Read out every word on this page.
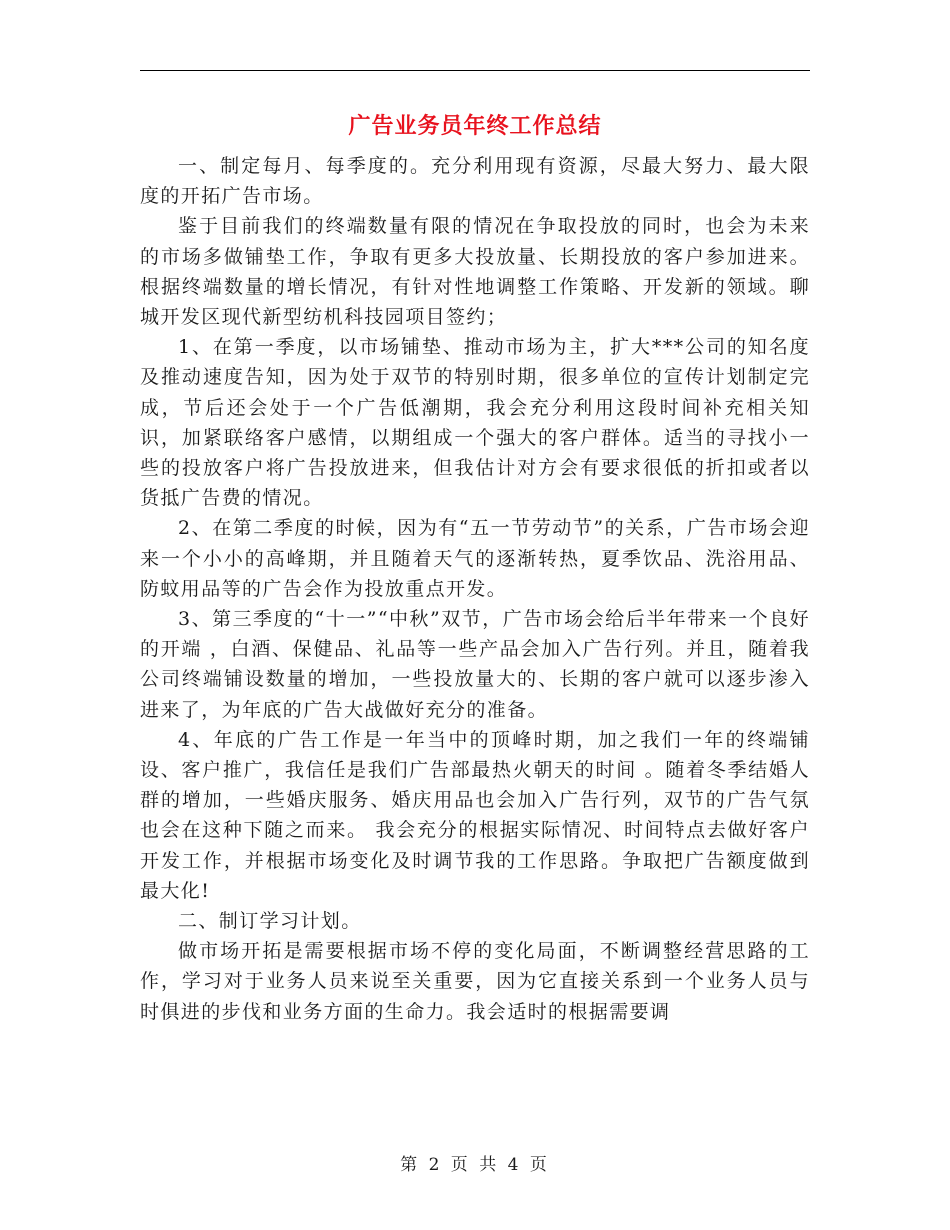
广告业务员年终工作总结

一、制定每月、每季度的。充分利用现有资源，尽最大努力、最大限度的开拓广告市场。

鉴于目前我们的终端数量有限的情况在争取投放的同时，也会为未来的市场多做铺垫工作，争取有更多大投放量、长期投放的客户参加进来。根据终端数量的增长情况，有针对性地调整工作策略、开发新的领域。聊城开发区现代新型纺机科技园项目签约；

1、在第一季度，以市场铺垫、推动市场为主，扩大***公司的知名度及推动速度告知，因为处于双节的特别时期，很多单位的宣传计划制定完成，节后还会处于一个广告低潮期，我会充分利用这段时间补充相关知识，加紧联络客户感情，以期组成一个强大的客户群体。适当的寻找小一些的投放客户将广告投放进来，但我估计对方会有要求很低的折扣或者以货抵广告费的情况。

2、在第二季度的时候，因为有“五一节劳动节”的关系，广告市场会迎来一个小小的高峰期，并且随着天气的逐渐转热，夏季饮品、洗浴用品、防蚊用品等的广告会作为投放重点开发。

3、第三季度的“十一”“中秋”双节，广告市场会给后半年带来一个良好的开端 ，白酒、保健品、礼品等一些产品会加入广告行列。并且，随着我公司终端铺设数量的增加，一些投放量大的、长期的客户就可以逐步渗入进来了，为年底的广告大战做好充分的准备。

4、年底的广告工作是一年当中的顶峰时期，加之我们一年的终端铺设、客户推广，我信任是我们广告部最热火朝天的时间 。随着冬季结婚人群的增加，一些婚庆服务、婚庆用品也会加入广告行列，双节的广告气氛也会在这种下随之而来。 我会充分的根据实际情况、时间特点去做好客户开发工作，并根据市场变化及时调节我的工作思路。争取把广告额度做到最大化!

二、制订学习计划。

做市场开拓是需要根据市场不停的变化局面，不断调整经营思路的工作，学习对于业务人员来说至关重要，因为它直接关系到一个业务人员与时俱进的步伐和业务方面的生命力。我会适时的根据需要调

第 2 页 共 4 页
